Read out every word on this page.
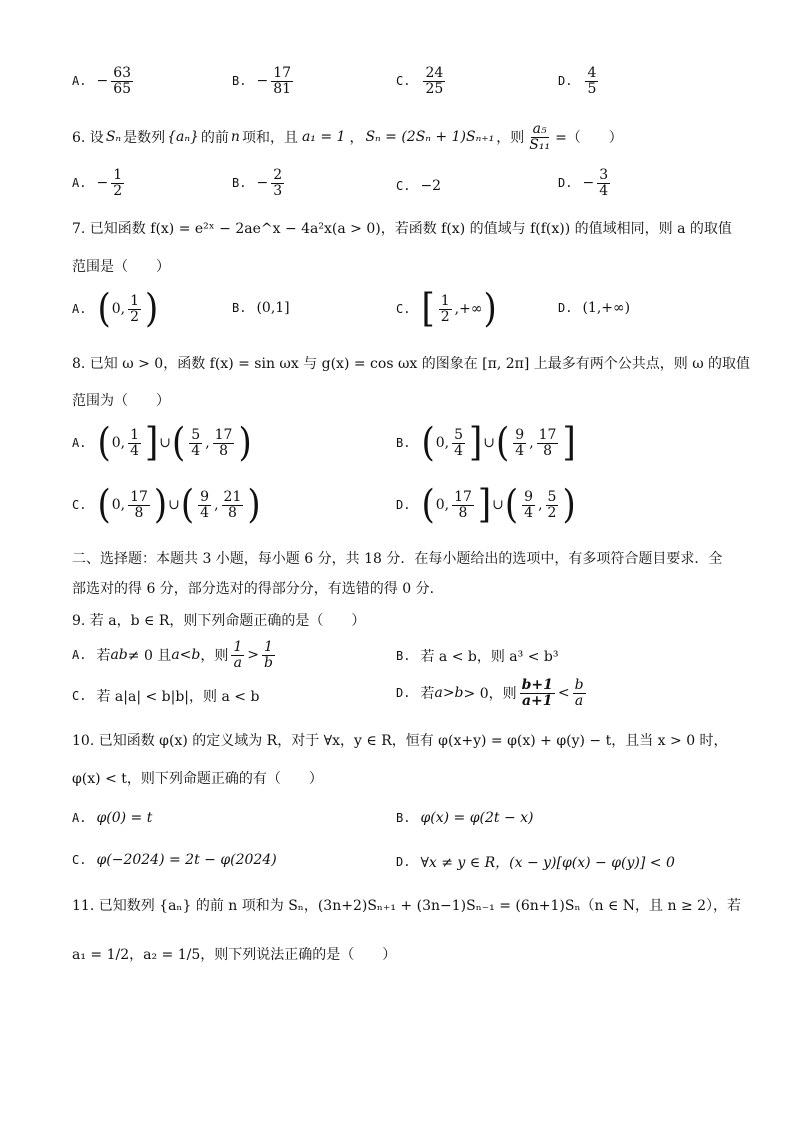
A. − $\frac{63}{65}$	B. − $\frac{17}{81}$	C. $\frac{24}{25}$	D. $\frac{4}{5}$
6. 设 Sₙ 是数列 {aₙ} 的前 n 项和，且 a₁ = 1 ， Sₙ = (2Sₙ + 1)Sₙ₊₁ ，则 $\frac{\text{a₅}}{\text{S₁₁}}$ =（　　）
A. − $\frac{1}{2}$	B. − $\frac{2}{3}$	C. −2	D. − $\frac{3}{4}$
7. 已知函数 f(x) = e²ˣ − 2ae^x − 4a²x(a > 0)，若函数 f(x) 的值域与 f(f(x)) 的值域相同，则 a 的取值
范围是（　　）
A. ( 0, $\frac{1}{2}$ )	B. (0,1]	C. [ $\frac{1}{2}$ ,+∞ )	D. (1,+∞)
8. 已知 ω > 0，函数 f(x) = sin ωx 与 g(x) = cos ωx 的图象在 [π, 2π] 上最多有两个公共点，则 ω 的取值
范围为（　　）
A. ( 0, $\frac{1}{4}$ ] ∪ ( $\frac{5}{4}$ , $\frac{17}{8}$ )	B. ( 0, $\frac{5}{4}$ ] ∪ ( $\frac{9}{4}$ , $\frac{17}{8}$ ]
C. ( 0, $\frac{17}{8}$ ) ∪ ( $\frac{9}{4}$ , $\frac{21}{8}$ )	D. ( 0, $\frac{17}{8}$ ] ∪ ( $\frac{9}{4}$ , $\frac{5}{2}$ )
二、选择题：本题共 3 小题，每小题 6 分，共 18 分．在每小题给出的选项中，有多项符合题目要求．全
部选对的得 6 分，部分选对的得部分分，有选错的得 0 分．
9. 若 a，b ∈ R，则下列命题正确的是（　　）
A. 若 ab ≠ 0 且 a < b ，则 $\frac{1}{a} > \frac{1}{b}$	B. 若 a < b，则 a³ < b³
C. 若 a|a| < b|b|，则 a < b	D. 若 a > b > 0，则 $\frac{b+1}{a+1} < \frac{b}{a}$
10. 已知函数 φ(x) 的定义域为 R，对于 ∀x，y ∈ R，恒有 φ(x+y) = φ(x) + φ(y) − t，且当 x > 0 时，
φ(x) < t，则下列命题正确的有（　　）
A. φ(0) = t	B. φ(x) = φ(2t − x)
C. φ(−2024) = 2t − φ(2024)	D. ∀x ≠ y ∈ R，(x − y)[φ(x) − φ(y)] < 0
11. 已知数列 {aₙ} 的前 n 项和为 Sₙ，(3n+2)Sₙ₊₁ + (3n−1)Sₙ₋₁ = (6n+1)Sₙ（n ∈ N，且 n ≥ 2），若
a₁ = 1/2，a₂ = 1/5，则下列说法正确的是（　　）
